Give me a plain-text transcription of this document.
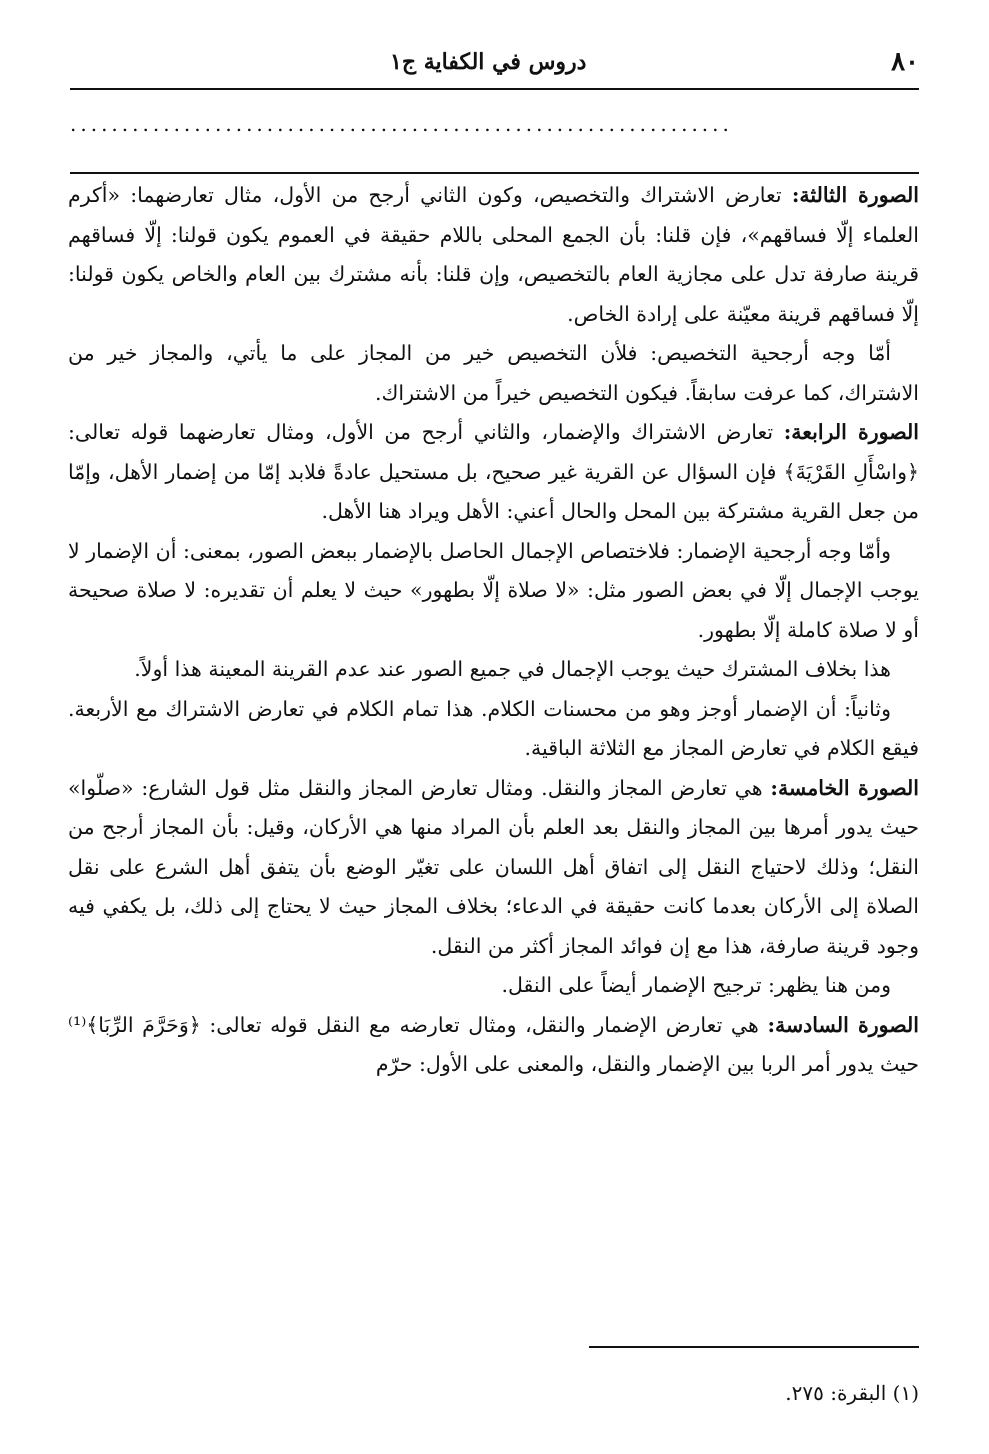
٨٠
دروس في الكفاية ج١
................................................................

الصورة الثالثة: تعارض الاشتراك والتخصيص، وكون الثاني أرجح من الأول، مثال تعارضهما: «أكرم العلماء إلّا فساقهم»، فإن قلنا: بأن الجمع المحلى باللام حقيقة في العموم يكون قولنا: إلّا فساقهم قرينة صارفة تدل على مجازية العام بالتخصيص، وإن قلنا: بأنه مشترك بين العام والخاص يكون قولنا: إلّا فساقهم قرينة معيّنة على إرادة الخاص.

أمّا وجه أرجحية التخصيص: فلأن التخصيص خير من المجاز على ما يأتي، والمجاز خير من الاشتراك، كما عرفت سابقاً. فيكون التخصيص خيراً من الاشتراك.

الصورة الرابعة: تعارض الاشتراك والإضمار، والثاني أرجح من الأول، ومثال تعارضهما قوله تعالى: ﴿واسْأَلِ القَرْيَةَ﴾ فإن السؤال عن القرية غير صحيح، بل مستحيل عادةً فلابد إمّا من إضمار الأهل، وإمّا من جعل القرية مشتركة بين المحل والحال أعني: الأهل ويراد هنا الأهل.

وأمّا وجه أرجحية الإضمار: فلاختصاص الإجمال الحاصل بالإضمار ببعض الصور، بمعنى: أن الإضمار لا يوجب الإجمال إلّا في بعض الصور مثل: «لا صلاة إلّا بطهور» حيث لا يعلم أن تقديره: لا صلاة صحيحة أو لا صلاة كاملة إلّا بطهور.

هذا بخلاف المشترك حيث يوجب الإجمال في جميع الصور عند عدم القرينة المعينة هذا أولاً.

وثانياً: أن الإضمار أوجز وهو من محسنات الكلام. هذا تمام الكلام في تعارض الاشتراك مع الأربعة. فيقع الكلام في تعارض المجاز مع الثلاثة الباقية.

الصورة الخامسة: هي تعارض المجاز والنقل. ومثال تعارض المجاز والنقل مثل قول الشارع: «صلّوا» حيث يدور أمرها بين المجاز والنقل بعد العلم بأن المراد منها هي الأركان، وقيل: بأن المجاز أرجح من النقل؛ وذلك لاحتياج النقل إلى اتفاق أهل اللسان على تغيّر الوضع بأن يتفق أهل الشرع على نقل الصلاة إلى الأركان بعدما كانت حقيقة في الدعاء؛ بخلاف المجاز حيث لا يحتاج إلى ذلك، بل يكفي فيه وجود قرينة صارفة، هذا مع إن فوائد المجاز أكثر من النقل.

ومن هنا يظهر: ترجيح الإضمار أيضاً على النقل.

الصورة السادسة: هي تعارض الإضمار والنقل، ومثال تعارضه مع النقل قوله تعالى: ﴿وَحَرَّمَ الرِّبَا﴾⁽¹⁾ حيث يدور أمر الربا بين الإضمار والنقل، والمعنى على الأول: حرّم

(١) البقرة: ٢٧٥.
